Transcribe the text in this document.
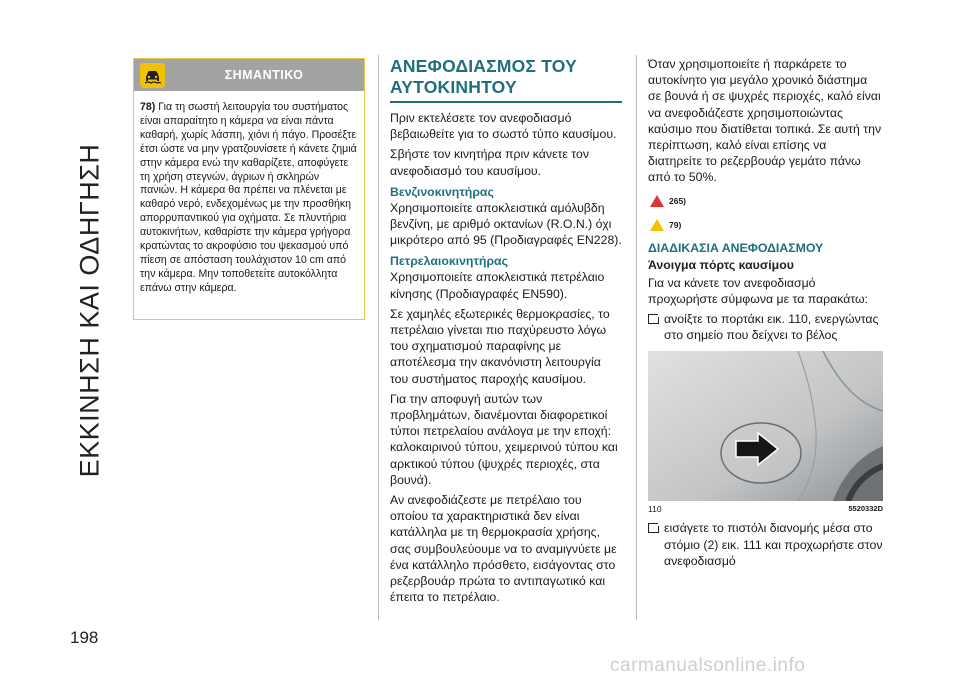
ΕΚΚΙΝΗΣΗ ΚΑΙ ΟΔΗΓΗΣΗ
198
ΣΗΜΑΝΤΙΚΟ
78) Για τη σωστή λειτουργία του συστήματος είναι απαραίτητο η κάμερα να είναι πάντα καθαρή, χωρίς λάσπη, χιόνι ή πάγο. Προσέξτε έτσι ώστε να μην γρατζουνίσετε ή κάνετε ζημιά στην κάμερα ενώ την καθαρίζετε, αποφύγετε τη χρήση στεγνών, άγριων ή σκληρών πανιών. Η κάμερα θα πρέπει να πλένεται με καθαρό νερό, ενδεχομένως με την προσθήκη απορρυπαντικού για οχήματα. Σε πλυντήρια αυτοκινήτων, καθαρίστε την κάμερα γρήγορα κρατώντας το ακροφύσιο του ψεκασμού υπό πίεση σε απόσταση τουλάχιστον 10 cm από την κάμερα. Μην τοποθετείτε αυτοκόλλητα επάνω στην κάμερα.
ΑΝΕΦΟΔΙΑΣΜΟΣ ΤΟΥ ΑΥΤΟΚΙΝΗΤΟΥ

Πριν εκτελέσετε τον ανεφοδιασμό βεβαιωθείτε για το σωστό τύπο καυσίμου.

Σβήστε τον κινητήρα πριν κάνετε τον ανεφοδιασμό του καυσίμου.

Βενζινοκινητήρας

Χρησιμοποιείτε αποκλειστικά αμόλυβδη βενζίνη, με αριθμό οκτανίων (R.O.N.) όχι μικρότερο από 95 (Προδιαγραφές EN228).

Πετρελαιοκινητήρας

Χρησιμοποιείτε αποκλειστικά πετρέλαιο κίνησης (Προδιαγραφές EN590).

Σε χαμηλές εξωτερικές θερμοκρασίες, το πετρέλαιο γίνεται πιο παχύρευστο λόγω του σχηματισμού παραφίνης με αποτέλεσμα την ακανόνιστη λειτουργία του συστήματος παροχής καυσίμου.

Για την αποφυγή αυτών των προβλημάτων, διανέμονται διαφορετικοί τύποι πετρελαίου ανάλογα με την εποχή: καλοκαιρινού τύπου, χειμερινού τύπου και αρκτικού τύπου (ψυχρές περιοχές, στα βουνά).

Αν ανεφοδιάζεστε με πετρέλαιο του οποίου τα χαρακτηριστικά δεν είναι κατάλληλα με τη θερμοκρασία χρήσης, σας συμβουλεύουμε να το αναμιγνύετε με ένα κατάλληλο πρόσθετο, εισάγοντας στο ρεζερβουάρ πρώτα το αντιπαγωτικό και έπειτα το πετρέλαιο.

Όταν χρησιμοποιείτε ή παρκάρετε το αυτοκίνητο για μεγάλο χρονικό διάστημα σε βουνά ή σε ψυχρές περιοχές, καλό είναι να ανεφοδιάζεστε χρησιμοποιώντας καύσιμο που διατίθεται τοπικά. Σε αυτή την περίπτωση, καλό είναι επίσης να διατηρείτε το ρεζερβουάρ γεμάτο πάνω από το 50%.

265)
79)
ΔΙΑΔΙΚΑΣΙΑ ΑΝΕΦΟΔΙΑΣΜΟΥ
Άνοιγμα πόρτς καυσίμου

Για να κάνετε τον ανεφοδιασμό προχωρήστε σύμφωνα με τα παρακάτω:

ανοίξτε το πορτάκι εικ. 110, ενεργώντας στο σημείο που δείχνει το βέλος
110	5520332D
εισάγετε το πιστόλι διανομής μέσα στο στόμιο (2) εικ. 111 και προχωρήστε στον ανεφοδιασμό
carmanualsonline.info
